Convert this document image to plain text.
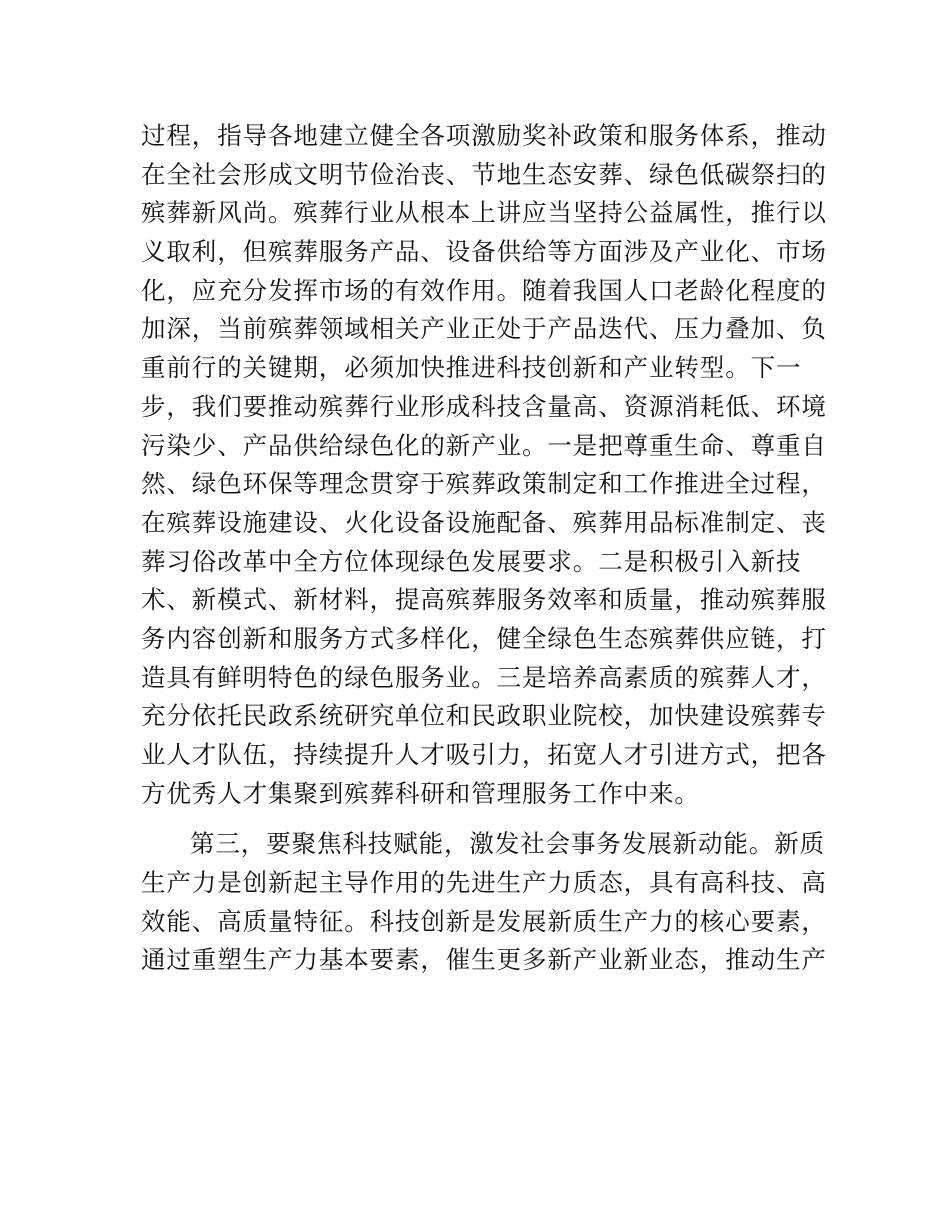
过程，指导各地建立健全各项激励奖补政策和服务体系，推动
在全社会形成文明节俭治丧、节地生态安葬、绿色低碳祭扫的
殡葬新风尚。殡葬行业从根本上讲应当坚持公益属性，推行以
义取利，但殡葬服务产品、设备供给等方面涉及产业化、市场
化，应充分发挥市场的有效作用。随着我国人口老龄化程度的
加深，当前殡葬领域相关产业正处于产品迭代、压力叠加、负
重前行的关键期，必须加快推进科技创新和产业转型。下一
步，我们要推动殡葬行业形成科技含量高、资源消耗低、环境
污染少、产品供给绿色化的新产业。一是把尊重生命、尊重自
然、绿色环保等理念贯穿于殡葬政策制定和工作推进全过程，
在殡葬设施建设、火化设备设施配备、殡葬用品标准制定、丧
葬习俗改革中全方位体现绿色发展要求。二是积极引入新技
术、新模式、新材料，提高殡葬服务效率和质量，推动殡葬服
务内容创新和服务方式多样化，健全绿色生态殡葬供应链，打
造具有鲜明特色的绿色服务业。三是培养高素质的殡葬人才，
充分依托民政系统研究单位和民政职业院校，加快建设殡葬专
业人才队伍，持续提升人才吸引力，拓宽人才引进方式，把各
方优秀人才集聚到殡葬科研和管理服务工作中来。
第三，要聚焦科技赋能，激发社会事务发展新动能。新质
生产力是创新起主导作用的先进生产力质态，具有高科技、高
效能、高质量特征。科技创新是发展新质生产力的核心要素，
通过重塑生产力基本要素，催生更多新产业新业态，推动生产
